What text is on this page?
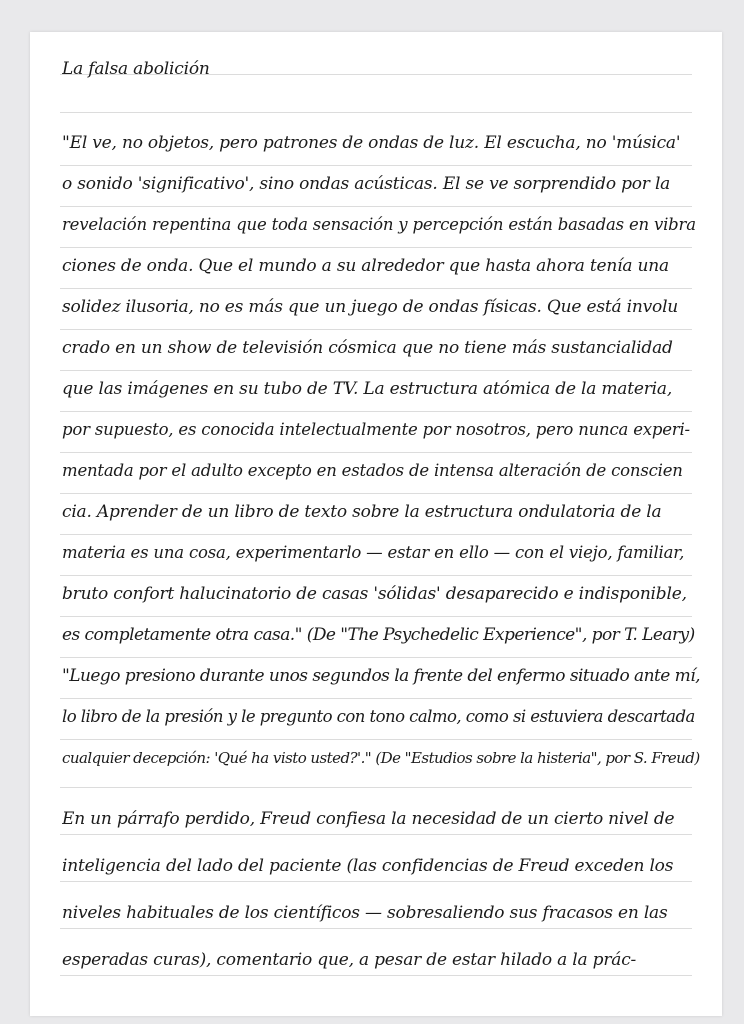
La falsa abolición
"El ve, no objetos, pero patrones de ondas de luz. El escucha, no 'música'
o sonido 'significativo', sino ondas acústicas. El se ve sorprendido por la
revelación repentina que toda sensación y percepción están basadas en vibra
ciones de onda. Que el mundo a su alrededor que hasta ahora tenía una
solidez ilusoria, no es más que un juego de ondas físicas. Que está involu
crado en un show de televisión cósmica que no tiene más sustancialidad
que las imágenes en su tubo de TV. La estructura atómica de la materia,
por supuesto, es conocida intelectualmente por nosotros, pero nunca experi-
mentada por el adulto excepto en estados de intensa alteración de conscien
cia. Aprender de un libro de texto sobre la estructura ondulatoria de la
materia es una cosa, experimentarlo — estar en ello — con el viejo, familiar,
bruto confort halucinatorio de casas 'sólidas' desaparecido e indisponible,
es completamente otra casa." (De "The Psychedelic Experience", por T. Leary)
"Luego presiono durante unos segundos la frente del enfermo situado ante mí,
lo libro de la presión y le pregunto con tono calmo, como si estuviera descartada
cualquier decepción: 'Qué ha visto usted?'." (De "Estudios sobre la histeria", por S. Freud)
En un párrafo perdido, Freud confiesa la necesidad de un cierto nivel de
inteligencia del lado del paciente (las confidencias de Freud exceden los
niveles habituales de los científicos — sobresaliendo sus fracasos en las
esperadas curas), comentario que, a pesar de estar hilado a la prác-
